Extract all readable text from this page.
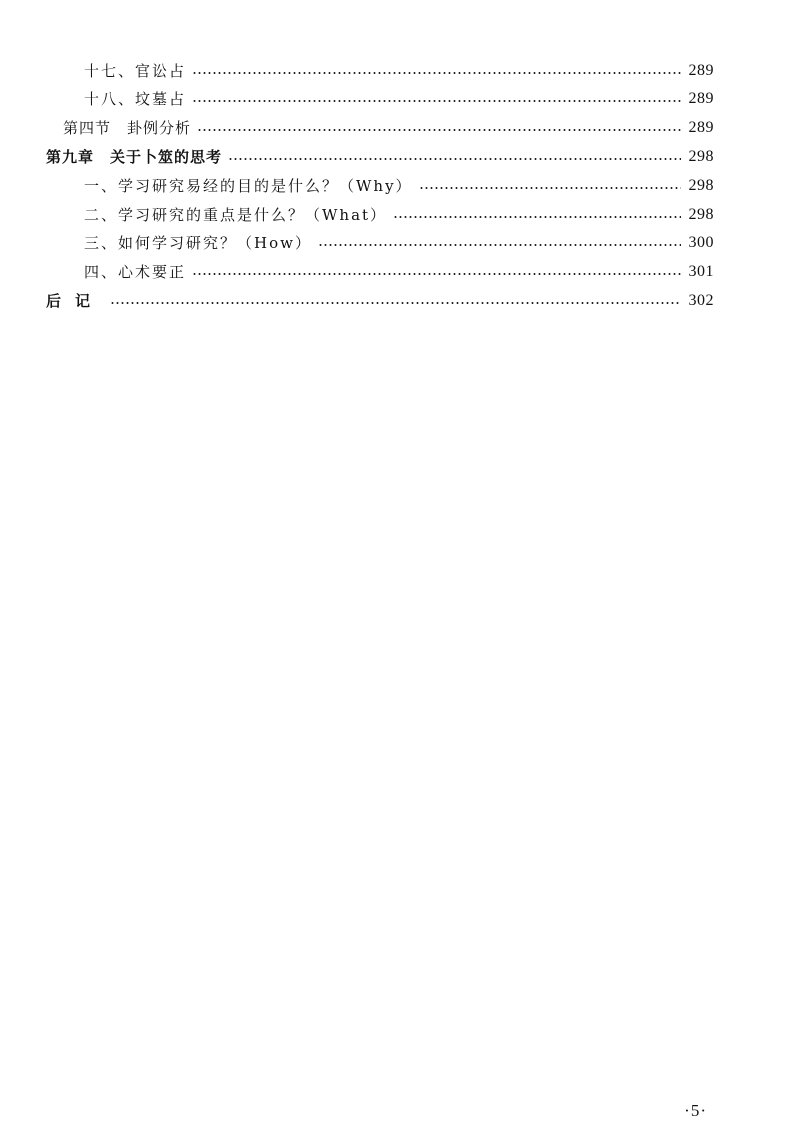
十七、官讼占	289
十八、坟墓占	289
第四节　卦例分析	289
第九章　关于卜筮的思考	298
一、学习研究易经的目的是什么？（Why）	298
二、学习研究的重点是什么？（What）	298
三、如何学习研究？（How）	300
四、心术要正	301
后记	302
·5·
